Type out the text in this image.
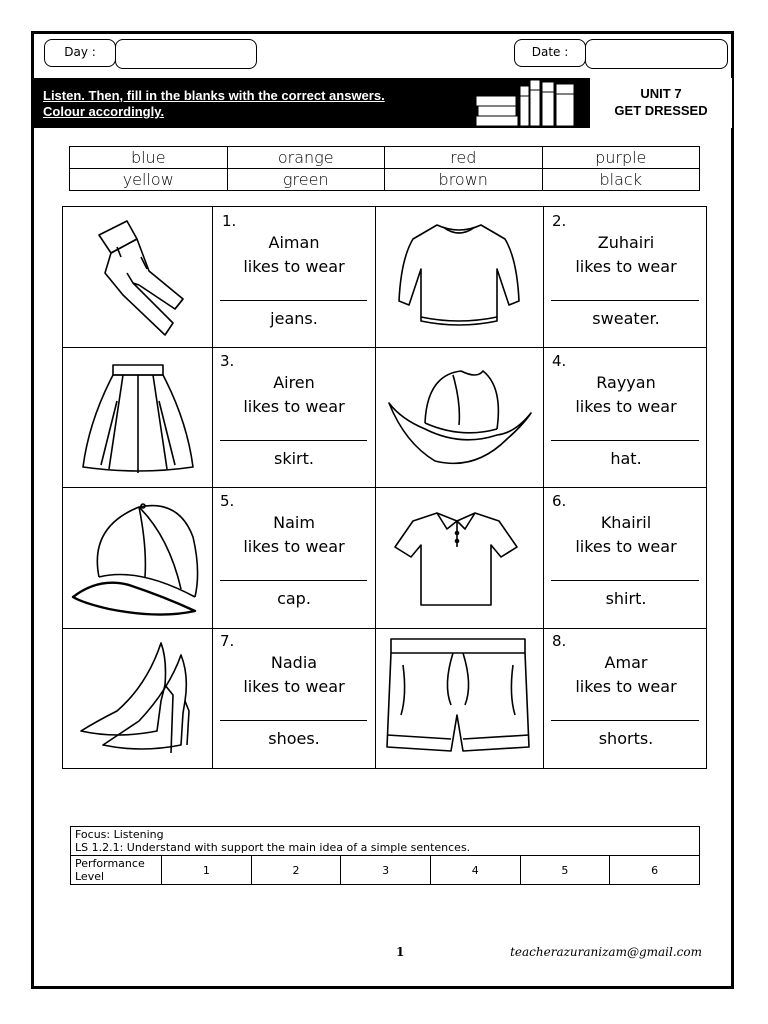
Day :	Date :
Listen. Then, fill in the blanks with the correct answers.
Colour accordingly.
UNIT 7
GET DRESSED
blue	orange	red	purple
yellow	green	brown	black
1.
Aiman
likes to wear
jeans.
2.
Zuhairi
likes to wear
sweater.
3.
Airen
likes to wear
skirt.
4.
Rayyan
likes to wear
hat.
5.
Naim
likes to wear
cap.
6.
Khairil
likes to wear
shirt.
7.
Nadia
likes to wear
shoes.
8.
Amar
likes to wear
shorts.
Focus: Listening
LS 1.2.1: Understand with support the main idea of a simple sentences.

Performance Level	1	2	3	4	5	6
1	teacherazuranizam@gmail.com
